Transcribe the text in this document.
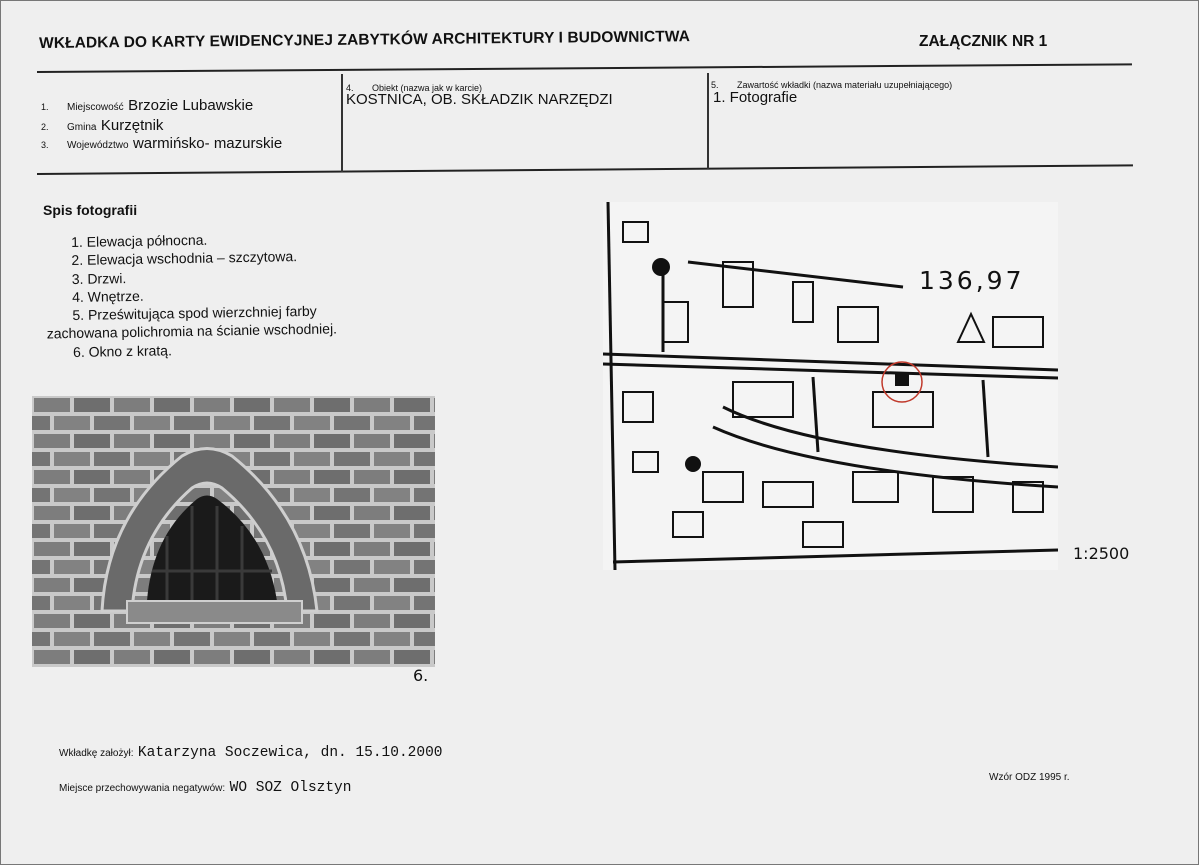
WKŁADKA DO KARTY EWIDENCYJNEJ ZABYTKÓW ARCHITEKTURY I BUDOWNICTWA	ZAŁĄCZNIK NR 1
1. Miejscowość Brzozie Lubawskie
2. Gmina Kurzętnik
3. Województwo warmińsko- mazurskie
4. Obiekt (nazwa jak w karcie)
KOSTNICA, OB. SKŁADZIK NARZĘDZI
5. Zawartość wkładki (nazwa materiału uzupełniającego)
1. Fotografie
Spis fotografii
1. Elewacja północna.
2. Elewacja wschodnia – szczytowa.
3. Drzwi.
4. Wnętrze.
5. Prześwitująca spod wierzchniej farby
zachowana polichromia na ścianie wschodniej.
6. Okno z kratą.
6.
136,97
1:2500
Wkładkę założył: Katarzyna Soczewica, dn. 15.10.2000
Miejsce przechowywania negatywów: WO SOZ Olsztyn
Wzór ODZ 1995 r.
